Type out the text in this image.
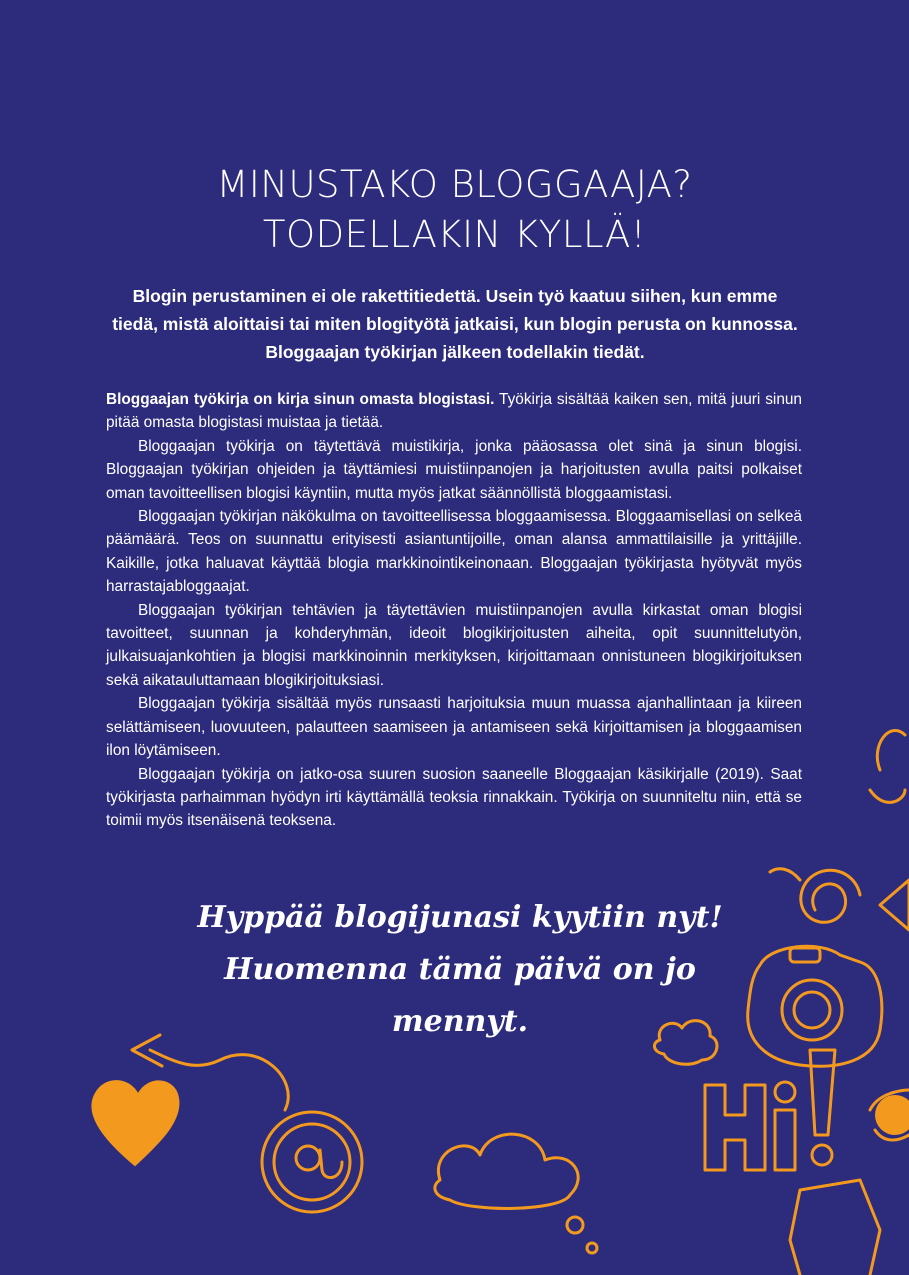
MINUSTAKO BLOGGAAJA?
TODELLAKIN KYLLÄ!

Blogin perustaminen ei ole rakettitiedettä. Usein työ kaatuu siihen, kun emme tiedä, mistä aloittaisi tai miten blogityötä jatkaisi, kun blogin perusta on kunnossa. Bloggaajan työkirjan jälkeen todellakin tiedät.

Bloggaajan työkirja on kirja sinun omasta blogistasi. Työkirja sisältää kaiken sen, mitä juuri sinun pitää omasta blogistasi muistaa ja tietää.

Bloggaajan työkirja on täytettävä muistikirja, jonka pääosassa olet sinä ja sinun blogisi. Bloggaajan työkirjan ohjeiden ja täyttämiesi muistiinpanojen ja harjoitusten avulla paitsi polkaiset oman tavoitteellisen blogisi käyntiin, mutta myös jatkat säännöllistä bloggaamistasi.

Bloggaajan työkirjan näkökulma on tavoitteellisessa bloggaamisessa. Bloggaamisellasi on selkeä päämäärä. Teos on suunnattu erityisesti asiantuntijoille, oman alansa ammattilaisille ja yrittäjille. Kaikille, jotka haluavat käyttää blogia markkinointikeinonaan. Bloggaajan työkirjasta hyötyvät myös harrastajabloggaajat.

Bloggaajan työkirjan tehtävien ja täytettävien muistiinpanojen avulla kirkastat oman blogisi tavoitteet, suunnan ja kohderyhmän, ideoit blogikirjoitusten aiheita, opit suunnittelutyön, julkaisuajankohtien ja blogisi markkinoinnin merkityksen, kirjoittamaan onnistuneen blogikirjoituksen sekä aikatauluttamaan blogikirjoituksiasi.

Bloggaajan työkirja sisältää myös runsaasti harjoituksia muun muassa ajanhallintaan ja kiireen selättämiseen, luovuuteen, palautteen saamiseen ja antamiseen sekä kirjoittamisen ja bloggaamisen ilon löytämiseen.

Bloggaajan työkirja on jatko-osa suuren suosion saaneelle Bloggaajan käsikirjalle (2019). Saat työkirjasta parhaimman hyödyn irti käyttämällä teoksia rinnakkain. Työkirja on suunniteltu niin, että se toimii myös itsenäisenä teoksena.

Hyppää blogijunasi kyytiin nyt!
Huomenna tämä päivä on jo mennyt.
